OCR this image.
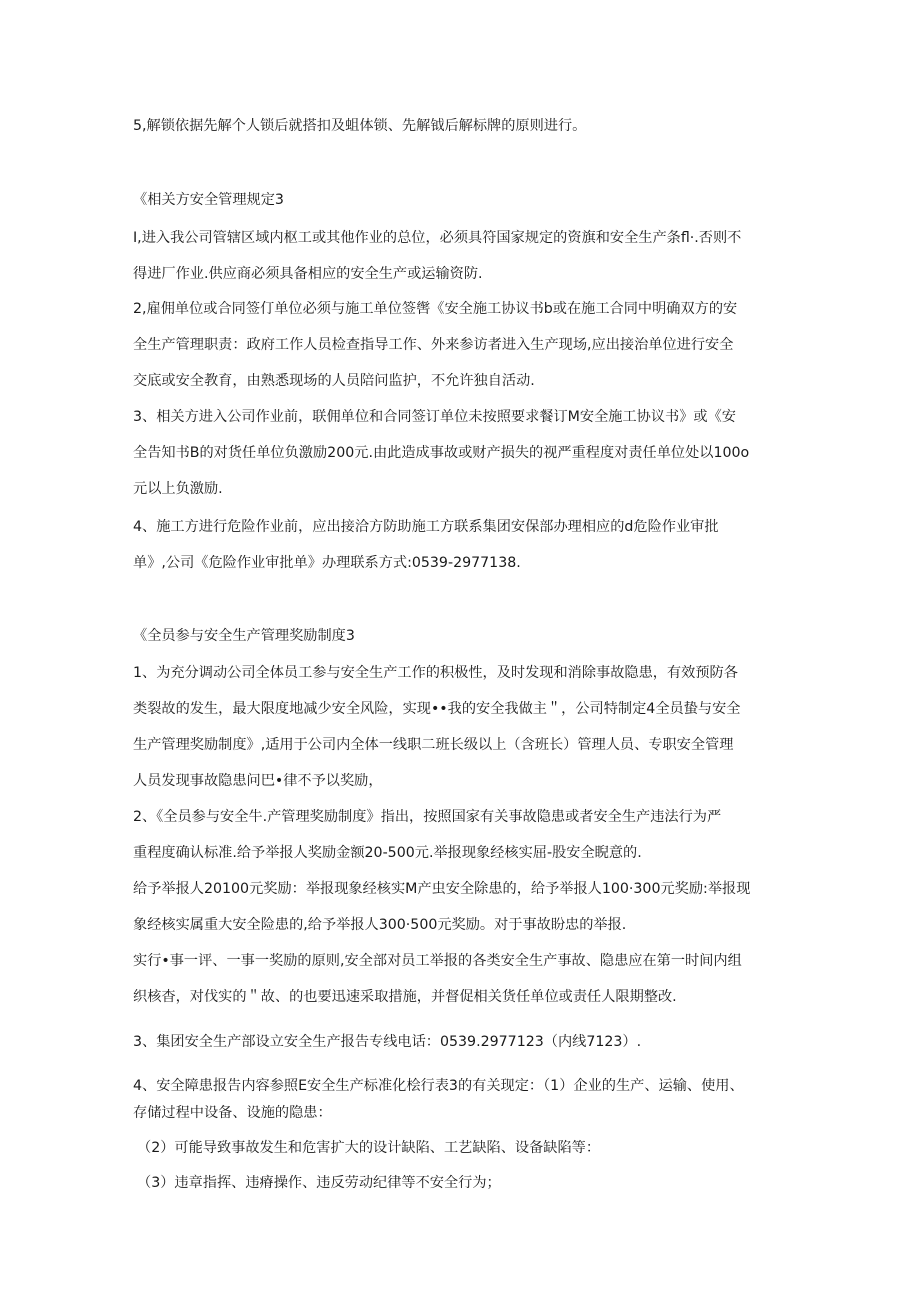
5,解锁依据先解个人锁后就搭扣及蛆体锁、先解钺后解标牌的原则进行。
《相关方安全管理规定3
I,进入我公司管辖区域内枢工或其他作业的总位，必须具符国家规定的资旗和安全生产条fl·.否则不
得进厂作业.供应商必须具备相应的安全生产或运输资防.
2,雇佣单位或合同签仃单位必须与施工单位签辔《安全施工协议书b或在施工合同中明确双方的安
全生产管理职责：政府工作人员检查指导工作、外来参访者进入生产现场,应出接治单位进行安全
交底或安全教育，由熟悉现场的人员陪问监护，不允许独自活动.
3、相关方进入公司作业前，联佣单位和合同签订单位未按照要求餐订M安全施工协议书》或《安
全告知书B的对货任单位负激励200元.由此造成事故或财产损失的视严重程度对责任单位处以100o
元以上负激励.
4、施工方进行危险作业前，应出接洽方防助施工方联系集团安保部办理相应的d危险作业审批
单》,公司《危险作业审批单》办理联系方式:0539-2977138.
《全员参与安全生产管理奖励制度3
1、为充分调动公司全体员工参与安全生产工作的积极性，及时发现和消除事故隐患，有效预防各
类裂故的发生，最大限度地减少安全风险，实现••我的安全我做主＂，公司特制定4全员蛰与安全
生产管理奖励制度》,适用于公司内全体一线职二班长级以上（含班长）管理人员、专职安全管理
人员发现事故隐患问巴•律不予以奖励，
2、《全员参与安全牛.产管理奖励制度》指出，按照国家有关事故隐患或者安全生产违法行为严
重程度确认标准.给予举报人奖励金额20-500元.举报现象经核实屈-股安全睨意的.
给予举报人20100元奖励：举报现象经核实M产虫安全除患的，给予举报人100·300元奖励:举报现
象经核实属重大安全险患的,给予举报人300·500元奖励。对于事故盼忠的举报.
实行•事一评、一事一奖励的原则,安全部对员工举报的各类安全生产事故、隐患应在第一时间内组
织核杳，对伐实的＂故、的也要迅速采取措施，并督促相关货任单位或责任人限期整改.
3、集团安全生产部设立安全生产报告专线电话：0539.2977123（内线7123）.
4、安全障患报告内容参照E安全生产标准化桧行表3的有关现定：（1）企业的生产、运输、使用、
存储过程中设备、设施的隐患：
（2）可能导致事故发生和危害扩大的设计缺陷、工艺缺陷、设备缺陷等：
（3）违章指挥、违瘠操作、违反劳动纪律等不安全行为；
